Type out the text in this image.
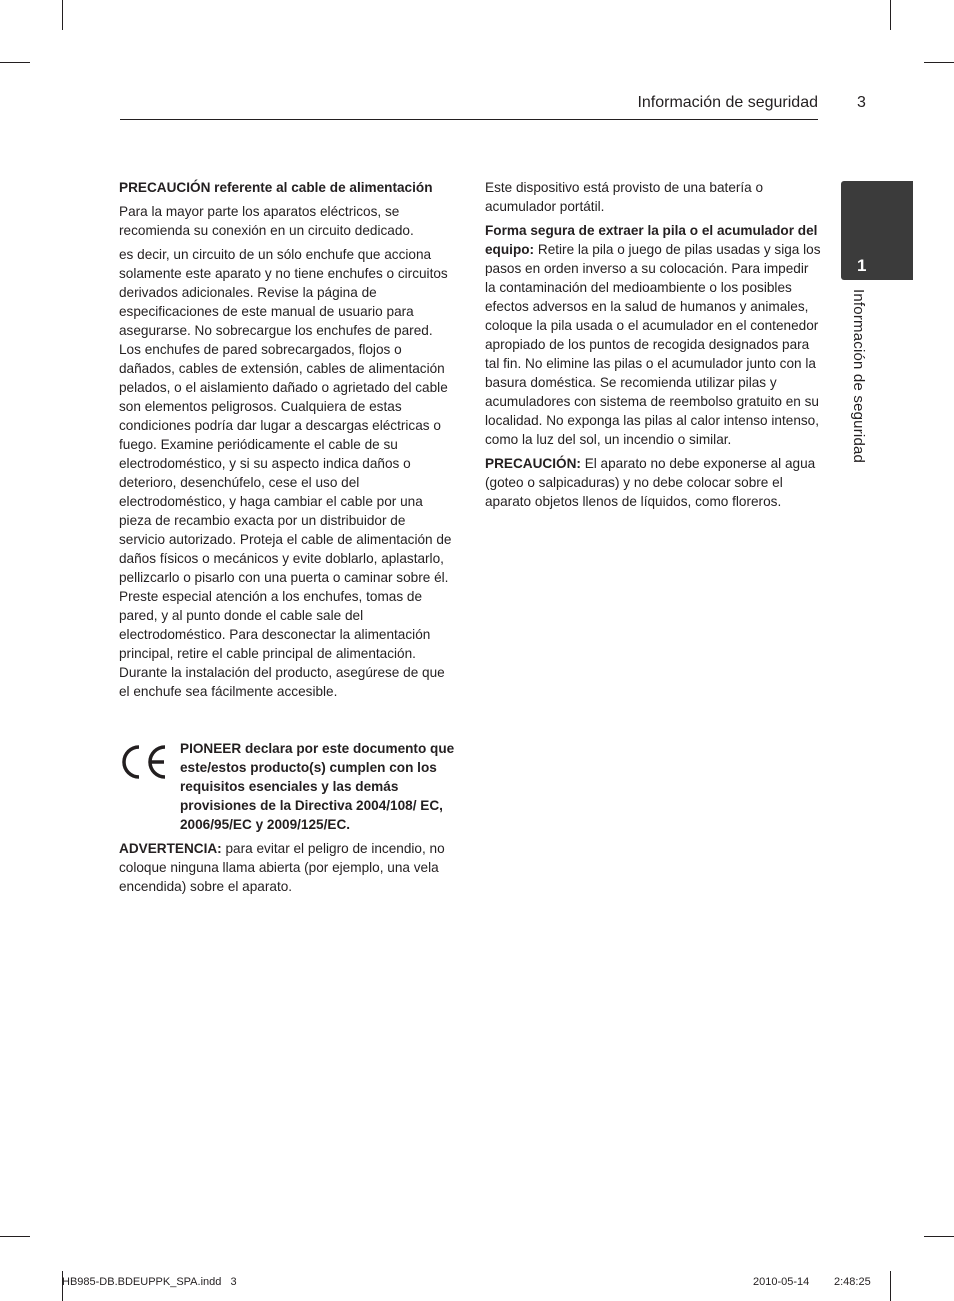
Información de seguridad 3
1
Información de seguridad

PRECAUCIÓN referente al cable de alimentación

Para la mayor parte los aparatos eléctricos, se recomienda su conexión en un circuito dedicado.

es decir, un circuito de un sólo enchufe que acciona solamente este aparato y no tiene enchufes o circuitos derivados adicionales. Revise la página de especificaciones de este manual de usuario para asegurarse. No sobrecargue los enchufes de pared. Los enchufes de pared sobrecargados, flojos o dañados, cables de extensión, cables de alimentación pelados, o el aislamiento dañado o agrietado del cable son elementos peligrosos. Cualquiera de estas condiciones podría dar lugar a descargas eléctricas o fuego. Examine periódicamente el cable de su electrodoméstico, y si su aspecto indica daños o deterioro, desenchúfelo, cese el uso del electrodoméstico, y haga cambiar el cable por una pieza de recambio exacta por un distribuidor de servicio autorizado. Proteja el cable de alimentación de daños físicos o mecánicos y evite doblarlo, aplastarlo, pellizcarlo o pisarlo con una puerta o caminar sobre él. Preste especial atención a los enchufes, tomas de pared, y al punto donde el cable sale del electrodoméstico. Para desconectar la alimentación principal, retire el cable principal de alimentación. Durante la instalación del producto, asegúrese de que el enchufe sea fácilmente accesible.

PIONEER declara por este documento que este/estos producto(s) cumplen con los requisitos esenciales y las demás provisiones de la Directiva 2004/108/ EC, 2006/95/EC y 2009/125/EC.

ADVERTENCIA: para evitar el peligro de incendio, no coloque ninguna llama abierta (por ejemplo, una vela encendida) sobre el aparato.

Este dispositivo está provisto de una batería o acumulador portátil.

Forma segura de extraer la pila o el acumulador del equipo: Retire la pila o juego de pilas usadas y siga los pasos en orden inverso a su colocación. Para impedir la contaminación del medioambiente o los posibles efectos adversos en la salud de humanos y animales, coloque la pila usada o el acumulador en el contenedor apropiado de los puntos de recogida designados para tal fin. No elimine las pilas o el acumulador junto con la basura doméstica. Se recomienda utilizar pilas y acumuladores con sistema de reembolso gratuito en su localidad. No exponga las pilas al calor intenso intenso, como la luz del sol, un incendio o similar.

PRECAUCIÓN: El aparato no debe exponerse al agua (goteo o salpicaduras) y no debe colocar sobre el aparato objetos llenos de líquidos, como floreros.

HB985-DB.BDEUPPK_SPA.indd   3	2010-05-14 2:48:25
